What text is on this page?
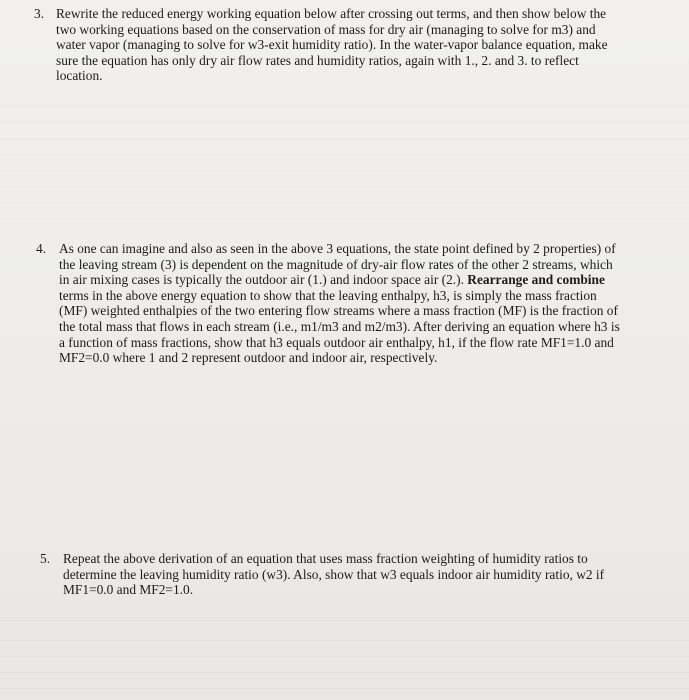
3. Rewrite the reduced energy working equation below after crossing out terms, and then show below the
two working equations based on the conservation of mass for dry air (managing to solve for m3) and
water vapor (managing to solve for w3-exit humidity ratio). In the water-vapor balance equation, make
sure the equation has only dry air flow rates and humidity ratios, again with 1., 2. and 3. to reflect
location.
4. As one can imagine and also as seen in the above 3 equations, the state point defined by 2 properties) of
the leaving stream (3) is dependent on the magnitude of dry-air flow rates of the other 2 streams, which
in air mixing cases is typically the outdoor air (1.) and indoor space air (2.). Rearrange and combine
terms in the above energy equation to show that the leaving enthalpy, h3, is simply the mass fraction
(MF) weighted enthalpies of the two entering flow streams where a mass fraction (MF) is the fraction of
the total mass that flows in each stream (i.e., m1/m3 and m2/m3). After deriving an equation where h3 is
a function of mass fractions, show that h3 equals outdoor air enthalpy, h1, if the flow rate MF1=1.0 and
MF2=0.0 where 1 and 2 represent outdoor and indoor air, respectively.
5. Repeat the above derivation of an equation that uses mass fraction weighting of humidity ratios to
determine the leaving humidity ratio (w3). Also, show that w3 equals indoor air humidity ratio, w2 if
MF1=0.0 and MF2=1.0.
